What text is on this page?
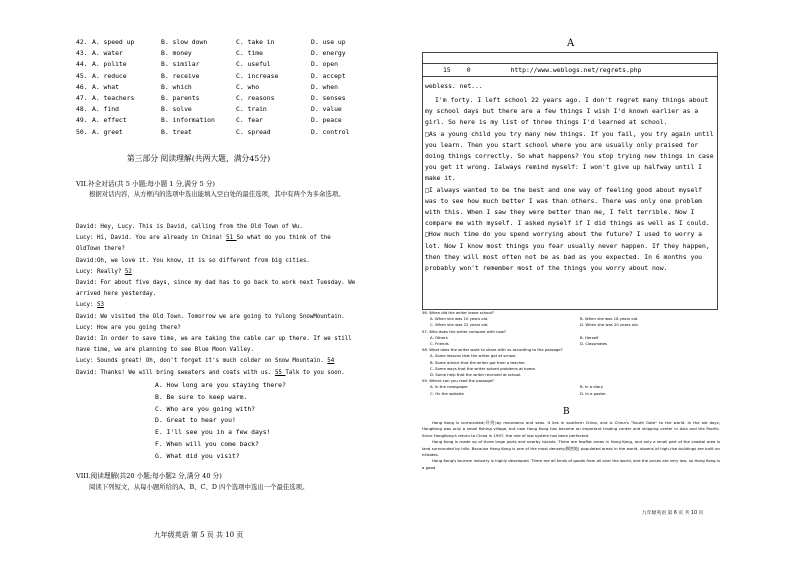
42. A. speed up	B. slow down	C. take in	D. use up
43. A. water	B. money	C. time	D. energy
44. A. polite	B. similar	C. useful	D. open
45. A. reduce	B. receive	C. increase	D. accept
46. A. what	B. which	C. who	D. when
47. A. teachers	B. parents	C. reasons	D. senses
48. A. find	B. solve	C. train	D. value
49. A. effect	B. information	C. fear	D. peace
50. A. greet	B. treat	C. spread	D. control
第三部分 阅读理解(共两大题，满分45分)
VII.补全对话(共 5 小题;每小题 1 分,满分 5 分)
根据对话内容，从方框内的选项中选出能填入空白处的最佳选项，其中有两个为多余选项。
David: Hey, Lucy. This is David, calling from the Old Town of Wu.
Lucy: Hi, David. You are already in China! 51 So what do you think of the
OldTown there?
David:Oh, we love it. You know, it is so different from big cities.
Lucy: Really? 52
David: For about five days, since my dad has to go back to work next Tuesday. We
arrived here yesterday.
Lucy: 53
David: We visited the Old Town. Tomorrow we are going to Yulong SnowMountain.
Lucy: How are you going there?
David: In order to save time, we are taking the cable car up there. If we still
have time, we are planning to see Blue Moon Valley.
Lucy: Sounds great! Oh, don't forget it's much colder on Snow Mountain. 54
David: Thanks! We will bring sweaters and coats with us. 55 Talk to you soon.
A. How long are you staying there?
B. Be sure to keep warm.
C. Who are you going with?
D. Great to hear you!
E. I'll see you in a few days!
F. When will you come back?
G. What did you visit?
VIII.阅读理解(共20 小题;每小题2 分,满分 40 分)
阅读下列短文，从每小题所给的A、B、C、D 四个选项中选出一个最佳选项。
九年级英语 第 5 页 共 10 页
A
15	0	http://www.weblogs.net/regrets.php
webless. net...

I'm forty. I left school 22 years ago. I don't regret many things about my school days but there are a few things I wish I'd known earlier as a girl. So here is my list of three things I'd learned at school.

□As a young child you try many new things. If you fail, you try again until you learn. Then you start school where you are usually only praised for doing things correctly. So what happens? You stop trying new things in case you get it wrong. Ialways remind myself: I won't give up halfway until I make it.

□I always wanted to be the best and one way of feeling good about myself was to see how much better I was than others. There was only one problem with this. When I saw they were better than me, I felt terrible. Now I compare me with myself. I asked myself if I did things as well as I could.

□How much time do you spend worrying about the future? I used to worry a lot. Now I know most things you fear usually never happen. If they happen, then they will most often not be as bad as you expected. In 6 months you probably won't remember most of the things you worry about now.

56. When did the writer leave school?
A. When she was 10 years old.	B. When she was 18 years old.
C. When she was 22 years old.	D. When she was 20 years old.
57. Who does the writer compare with now?
A. Others	B. Herself
C. Friends	D. Classmates
58. What does the writer want to share with us according to the passage?
A. Some lessons that the writer got at school.
B. Some advice that the writer got from a teacher.
C. Some ways that the writer solved problems at home.
D. Some help that the writer received at school.
59. Where can you read the passage?
A. In the newspaper	B. In a diary.
C. On the website	D. In a poster.
B

Hong Kong is surrounded(环绕)by mountains and seas. It lies in southern China, and is China's "South Gate" to the world. In the old days, HongKong was only a small fishing village, but now Hong Kong has become an important trading center and shipping center in Asia and the Pacific. Since HongKong's return to China in 1997, the role of law system has been perfected.

Hong Kong is made up of three large parts and nearby islands. There are fewflat areas in Hong Kong, and only a small part of the coastal area is land surrounded by hills. Because Hong Kong is one of the most densely(稠密地) populated areas in the world, dozens of high-rise buildings are built on hillsides.

Hong Kong's tourism industry is highly developed. There are all kinds of goods from all over the world, and the prices are very low, so Hong Kong is a good

九年级英语 第 6 页 共 10 页
